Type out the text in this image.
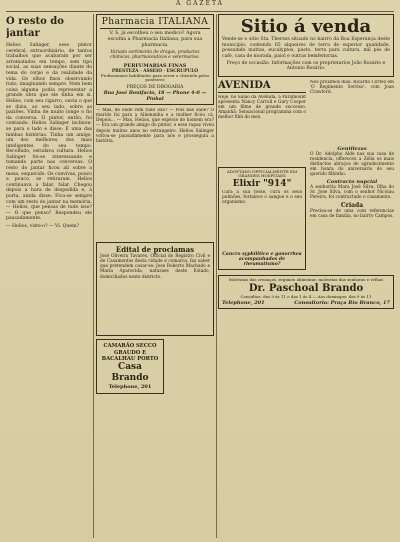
A GAZETA
O resto do jantar

Helios Salinger, esse pintor cerebral, extraordinário, de tantos trabalhos que acabaram por ser arrematados em tempo, sem tipo social, as suas sensações diante do tema do corpo e da realidade da vida. Os olhos fixos observando tudo, imaginando sempre. Nem bem coisa alguma podia representar a grande obra que ele tinha em si. Helios, com seu cigarro, ouvia o que se dizia, ao seu lado, sobre as paixões. Vinha de muito longe o fio da conversa. O pintor, então, foi contando. Helios Salinger inclinou-se para o lado e disse: É uma das minhas histórias. Tinha um amigo, um dos melhores, dos mais inteligentes do seu tempo. Recolhido, estudava cultura. Helios Salinger foi-se interessando e tomando parte nas conversas. O resto do jantar ficou ali sobre a mesa, esquecido. Os convivas, pouco a pouco, se retiraram. Helios continuava a falar, falar. Chegou depois a hora de despedida e, à porta, ainda disse: Fica-se sempre com um resto do jantar na memória. — Helios, que pensas de tudo isso? — O que penso? Respondeu ele pausadamente.

— Helios, viste-o? — Vi. Quem?

Pharmacia ITALIANA

V. S. já escolheu o seu medico? Agora escolha a Pharmacia Italiana, para sua pharmacia.

Variado sortimento de drogas, productos chimicos, pharmaceuticos e veterinarios.

PERFUMARIAS FINAS
PRESTEZA · ASSEIO · ESCRUPULO

Profissionaes habilitados para servir a clientela pelos ponteiros

PREÇOS DE DROGARIA
Rua José Bonifacio, 18 — Phone 4-0 — Pinhal

— Mas, de onde vem tudo isto? — Pois não sabe? O marido foi para a Allemanha e a mulher ficou cá. Depois... — Mas, Helios, que espécie de homem era? — Era um grande amigo do pintor, e esse rapaz viveu depois muitos anos no estrangeiro. Helios Salinger voltou-se pausadamente para nós e prosseguiu a história.

Edital de proclamas

José Oliveira Tavares, Official do Registro Civil e de Casamentos desta cidade e comarca, faz saber que pretendem casar-se: Jose Roberto Machado e Maria Aparecida, naturaes deste Estado, domiciliados neste districto.

CAMARÃO SECCO GRAUDO E BACALHAU PORTO
Casa Brando
Telephone, 201
Sitio á venda

Vende-se o sítio Sta. Therezs situado no bairro da Boa Esperança deste município, contendo 65 alqueires de terra de superior qualidade, possuindo mattas, eucalyptos, pasto, terra para cultura, mil pés de café, casa de morada, paiol e outras bemfeitorias.

Preço de occasião. Informações com os proprietarios João Rosário e Antonio Rosário.

AVENIDA

Hoje, no Salão da Avenida, a Paramount apresenta Nancy Carroll e Gary Cooper em um filme de grande successo. Amanhã: Sensacional programma com o melhor film do mez.

ADOPTADO OFFICIALMENTE EM GRANDES HOSPITAES
Elixir "914"

Cura a sua tosse, cura os seus pulmões, fortalece o sangue e o seu organismo.

Cancro syphilitico e gonorrhea acompanhados de rheumatismo?

Nos proximos dias: Ricardo Cortez em 'O Regimento Sorriso', com Joan Crawford.

Gentilezas

O Dr. Adolpho Alde nas sua casa de residencia, offereceu a Zélia os mais distinctos abraços de agradecimento em honra do aniversario do seu querido filhinho.

Contracto nupcial

A senhorita Mara José Silva, filha do Sr. Jose Silva, com o senhor Nicolau Pereira, foi contractado o casamento.

Criada

Precisa-se de uma com referencias em casa de familia, no bairro Campos.

Moléstias das creanças, regimen alimentar, molestias das senhoras e velhas
Dr. Paschoal Brando
Consultas: das 9 ás 11 e das 1 ás 4 — Aos domingos: das 9 ás 11
Telephone, 201	Consultorio: Praça Rio Branco, 17
